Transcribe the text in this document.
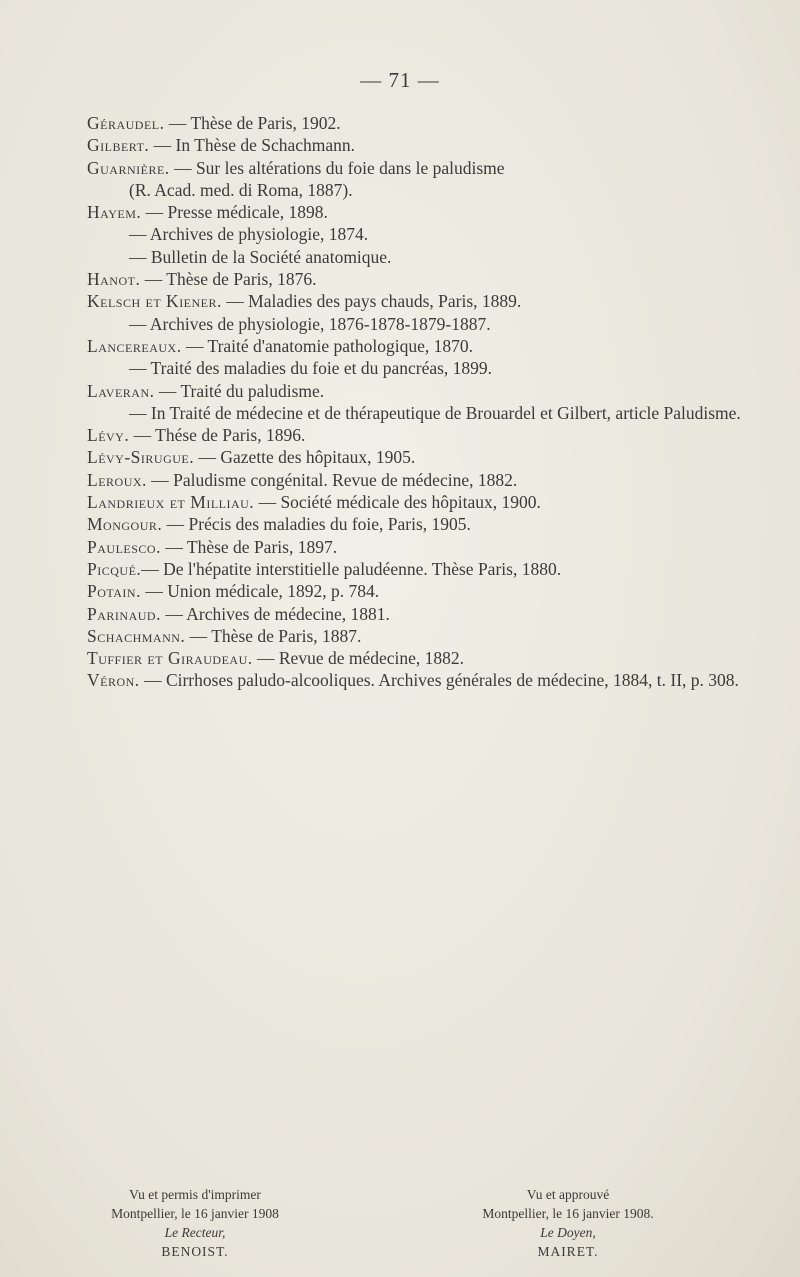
— 71 —

Géraudel. — Thèse de Paris, 1902.

Gilbert. — In Thèse de Schachmann.

Guarnière. — Sur les altérations du foie dans le paludisme

(R. Acad. med. di Roma, 1887).

Hayem. — Presse médicale, 1898.

— Archives de physiologie, 1874.

— Bulletin de la Société anatomique.

Hanot. — Thèse de Paris, 1876.

Kelsch et Kiener. — Maladies des pays chauds, Paris, 1889.

— Archives de physiologie, 1876-1878-1879-1887.

Lancereaux. — Traité d'anatomie pathologique, 1870.

— Traité des maladies du foie et du pancréas, 1899.

Laveran. — Traité du paludisme.

— In Traité de médecine et de thérapeutique de Brouardel et Gilbert, article Paludisme.

Lévy. — Thése de Paris, 1896.

Lévy-Sirugue. — Gazette des hôpitaux, 1905.

Leroux. — Paludisme congénital. Revue de médecine, 1882.

Landrieux et Milliau. — Société médicale des hôpitaux, 1900.

Mongour. — Précis des maladies du foie, Paris, 1905.

Paulesco. — Thèse de Paris, 1897.

Picqué.— De l'hépatite interstitielle paludéenne. Thèse Paris, 1880.

Potain. — Union médicale, 1892, p. 784.

Parinaud. — Archives de médecine, 1881.

Schachmann. — Thèse de Paris, 1887.

Tuffier et Giraudeau. — Revue de médecine, 1882.

Véron. — Cirrhoses paludo-alcooliques. Archives générales de médecine, 1884, t. II, p. 308.

Vu et permis d'imprimer
Montpellier, le 16 janvier 1908
Le Recteur,
BENOIST.
Vu et approuvé
Montpellier, le 16 janvier 1908.
Le Doyen,
MAIRET.
